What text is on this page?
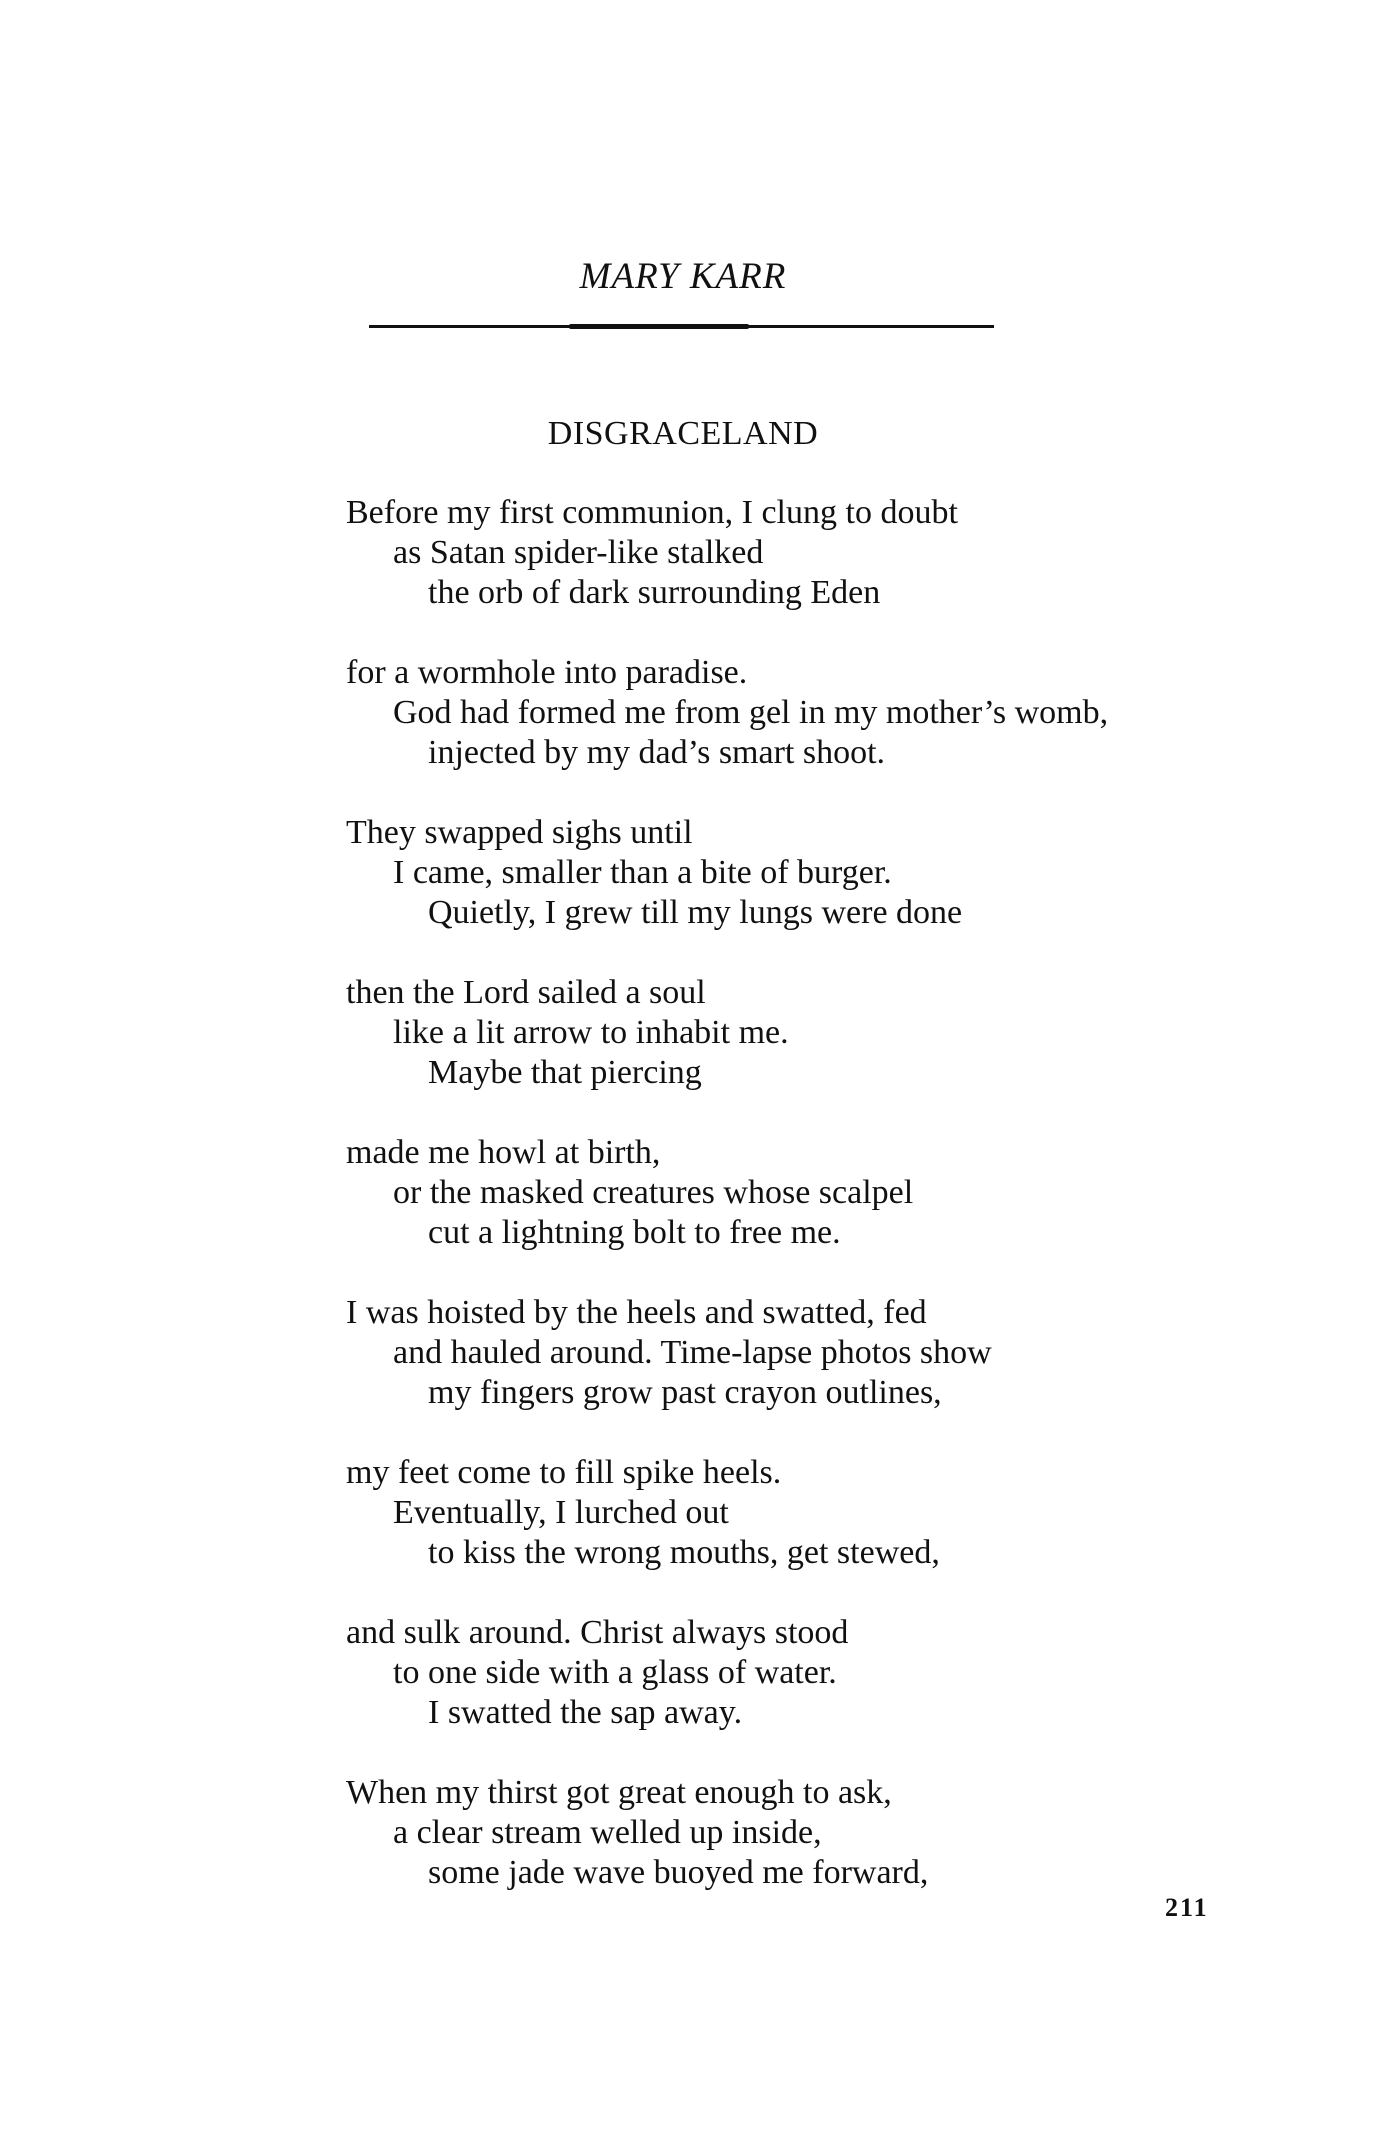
MARY KARR
DISGRACELAND
Before my first communion, I clung to doubt
as Satan spider-like stalked
the orb of dark surrounding Eden
for a wormhole into paradise.
God had formed me from gel in my mother’s womb,
injected by my dad’s smart shoot.
They swapped sighs until
I came, smaller than a bite of burger.
Quietly, I grew till my lungs were done
then the Lord sailed a soul
like a lit arrow to inhabit me.
Maybe that piercing
made me howl at birth,
or the masked creatures whose scalpel
cut a lightning bolt to free me.
I was hoisted by the heels and swatted, fed
and hauled around. Time-lapse photos show
my fingers grow past crayon outlines,
my feet come to fill spike heels.
Eventually, I lurched out
to kiss the wrong mouths, get stewed,
and sulk around. Christ always stood
to one side with a glass of water.
I swatted the sap away.
When my thirst got great enough to ask,
a clear stream welled up inside,
some jade wave buoyed me forward,
211
